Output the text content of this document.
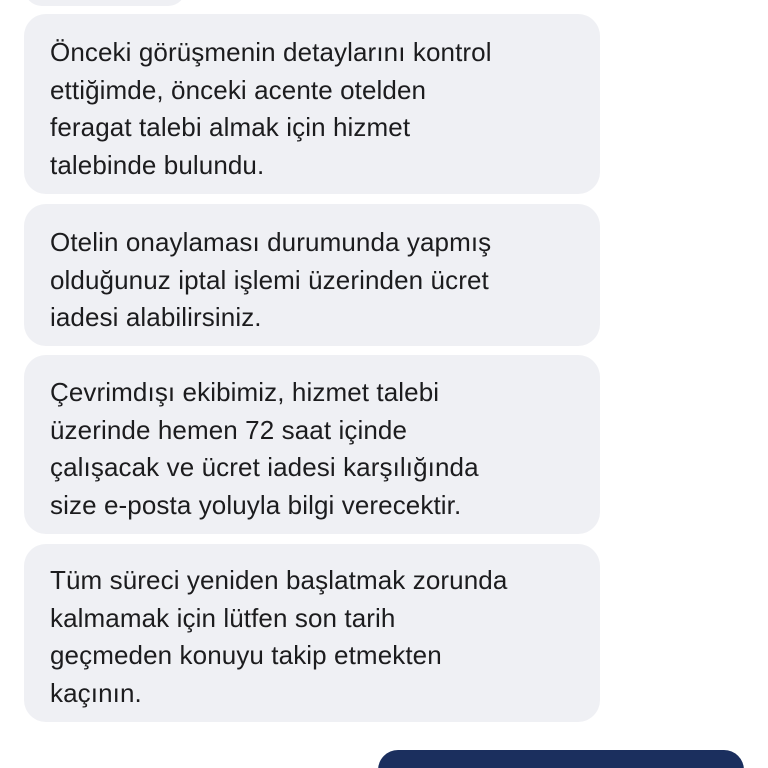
Önceki görüşmenin detaylarını kontrol
ettiğimde, önceki acente otelden
feragat talebi almak için hizmet
talebinde bulundu.
Otelin onaylaması durumunda yapmış
olduğunuz iptal işlemi üzerinden ücret
iadesi alabilirsiniz.
Çevrimdışı ekibimiz, hizmet talebi
üzerinde hemen 72 saat içinde
çalışacak ve ücret iadesi karşılığında
size e-posta yoluyla bilgi verecektir.
Tüm süreci yeniden başlatmak zorunda
kalmamak için lütfen son tarih
geçmeden konuyu takip etmekten
kaçının.
